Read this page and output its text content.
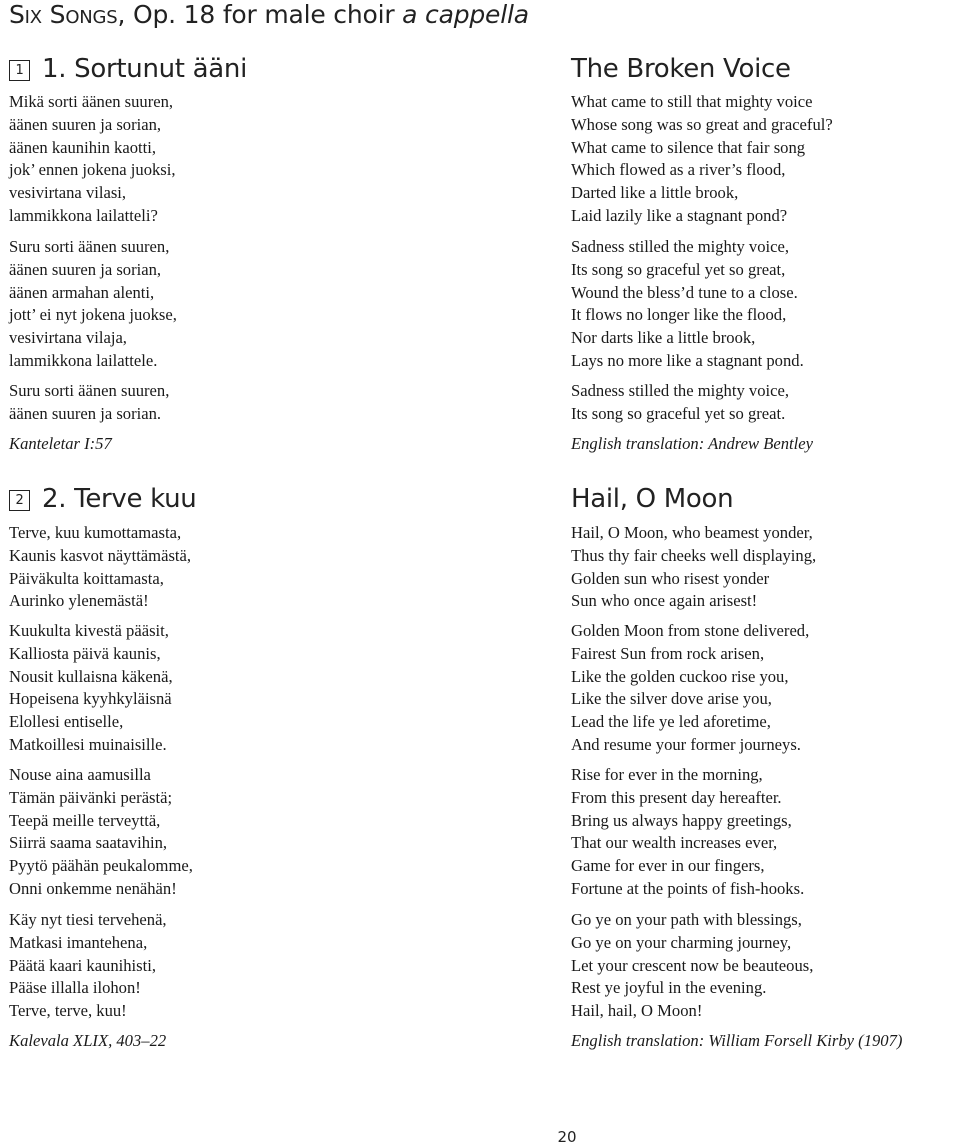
Six Songs, Op. 18 for male choir a cappella
1 1. Sortunut ääni	The Broken Voice
Mikä sorti äänen suuren,
äänen suuren ja sorian,
äänen kaunihin kaotti,
jok’ ennen jokena juoksi,
vesivirtana vilasi,
lammikkona lailatteli?
Suru sorti äänen suuren,
äänen suuren ja sorian,
äänen armahan alenti,
jott’ ei nyt jokena juokse,
vesivirtana vilaja,
lammikkona lailattele.
Suru sorti äänen suuren,
äänen suuren ja sorian.
Kanteletar I:57
What came to still that mighty voice
Whose song was so great and graceful?
What came to silence that fair song
Which flowed as a river’s flood,
Darted like a little brook,
Laid lazily like a stagnant pond?
Sadness stilled the mighty voice,
Its song so graceful yet so great,
Wound the bless’d tune to a close.
It flows no longer like the flood,
Nor darts like a little brook,
Lays no more like a stagnant pond.
Sadness stilled the mighty voice,
Its song so graceful yet so great.
English translation: Andrew Bentley
2 2. Terve kuu	Hail, O Moon
Terve, kuu kumottamasta,
Kaunis kasvot näyttämästä,
Päiväkulta koittamasta,
Aurinko ylenemästä!
Kuukulta kivestä pääsit,
Kalliosta päivä kaunis,
Nousit kullaisna käkenä,
Hopeisena kyyhkyläisnä
Elollesi entiselle,
Matkoillesi muinaisille.
Nouse aina aamusilla
Tämän päivänki perästä;
Teepä meille terveyttä,
Siirrä saama saatavihin,
Pyytö päähän peukalomme,
Onni onkemme nenähän!
Käy nyt tiesi tervehenä,
Matkasi imantehena,
Päätä kaari kaunihisti,
Pääse illalla ilohon!
Terve, terve, kuu!
Kalevala XLIX, 403–22
Hail, O Moon, who beamest yonder,
Thus thy fair cheeks well displaying,
Golden sun who risest yonder
Sun who once again arisest!
Golden Moon from stone delivered,
Fairest Sun from rock arisen,
Like the golden cuckoo rise you,
Like the silver dove arise you,
Lead the life ye led aforetime,
And resume your former journeys.
Rise for ever in the morning,
From this present day hereafter.
Bring us always happy greetings,
That our wealth increases ever,
Game for ever in our fingers,
Fortune at the points of fish-hooks.
Go ye on your path with blessings,
Go ye on your charming journey,
Let your crescent now be beauteous,
Rest ye joyful in the evening.
Hail, hail, O Moon!
English translation: William Forsell Kirby (1907)
20
